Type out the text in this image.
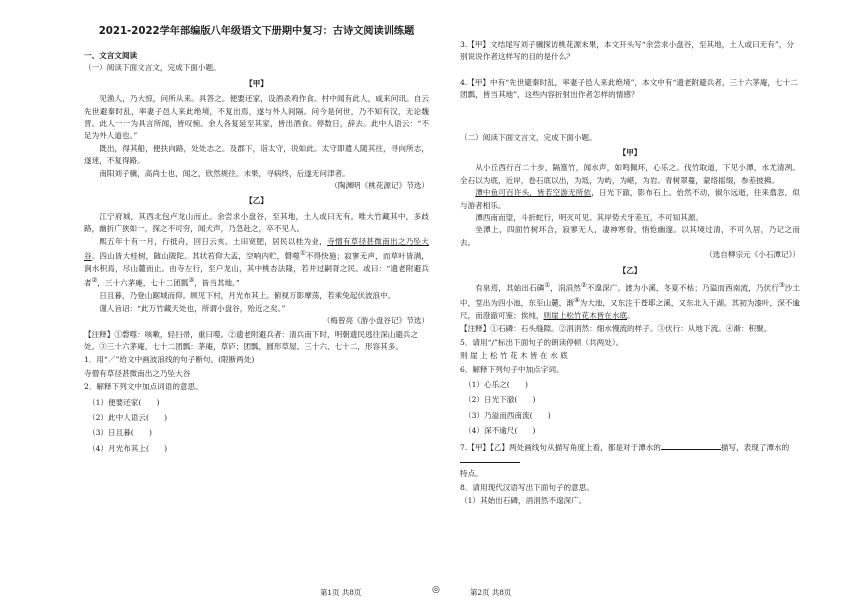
2021-2022学年部编版八年级语文下册期中复习：古诗文阅读训练题
一、文言文阅读
（一）阅读下面文言文，完成下面小题。
【甲】
见渔人，乃大惊，问所从来。具答之。便要还家，设酒杀鸡作食。村中闻有此人，咸来问讯。自云先世避秦时乱，率妻子邑人来此绝境，不复出焉，遂与外人间隔。问今是何世，乃不知有汉，无论魏晋。此人一一为具言所闻，皆叹惋。余人各复延至其家，皆出酒食。停数日，辞去。此中人语云：“不足为外人道也。”
既出，得其船，便扶向路，处处志之。及郡下，诣太守，说如此。太守即遣人随其往，寻向所志，遂迷，不复得路。
南阳刘子骥，高尚士也，闻之，欣然规往。未果，寻病终，后遂无问津者。
（陶渊明《桃花源记》节选）
【乙】
江宁府城，其西北包卢龙山而止。余尝求小盘谷，至其地，土人或曰无有。唯大竹藏其中，多歧路，幽折广狭如一，探之不可穷，闻犬声，乃急赴之，卒不见人。
熙五年十有一月，行抵舟，回日云亥。土田宽肥，居民以桂为业，寺憎有草径甚微南出之乃坠大谷。四山皆大桂树，随山陂陀。其状若仰大盂，空响内贮，磬噬①不得快施；寂寥无声，而草叶皆满，涧水积焉，尽山麓而止。由寺左行，至户龙山，其中桃杏法隆，若井过嗣胥之民。或曰：“遗老附避兵者②，三十六茅庵，七十二团瓢③，皆当其地。”
日且暮，乃登山踞城而仰。顾见下村，月光布其上。俯视万影摩荡，若乘兔起伏波浪中。
谨人旨诏：“此万竹藏天处也，所谓小盘谷，殆近之矣。”
（梅曾亮《游小盘谷记》节选）
【注释】①磬噬：咳嗽，轻扫帚，重曰噬。②遗老附避兵者：清兵南下时，明朝遗民逃往深山避兵之处。③三十六茅庵，七十二团瓢：茅庵，草庐；团瓢，圆形草屋。三十六、七十二，形容其多。
1．用“／”给文中画波浪线的句子断句。(限断两处)
寺僧有草径甚微南出之乃坠大谷
2．解释下列文中加点词语的意思。
（1）便要还家(　　)
（2）此中人语云(　　)
（3）日且暮(　　)
（4）月光布其上(　　)
3.【甲】文结尾写刘子骥探访桃花源未果，本文开头写“余尝求小盘谷，至其地，土人或曰无有”，分别说说作者这样写的目的是什么？
4.【甲】中有“先世避秦时乱，率妻子邑人来此绝境”，本文中有“遗老附避兵者，三十六茅庵，七十二团瓢，皆当其地”，这些内容折射出作者怎样的情感？
（二）阅读下面文言文，完成下面小题。
【甲】
从小丘西行百二十步，隔篁竹，闻水声，如鸣佩环，心乐之。伐竹取道，下见小潭，水尤清冽。全石以为底，近岸，卷石底以出，为坻，为屿，为嵁，为岩。青树翠蔓，蒙络摇缀，参差披拂。
潭中鱼可百许头，皆若空游无所依，日光下澈，影布石上。佁然不动，俶尔远逝，往来翕忽，似与游者相乐。
潭西南而望，斗折蛇行，明灭可见。其岸势犬牙差互，不可知其源。
坐潭上，四面竹树环合，寂寥无人，凄神寒骨，悄怆幽邃。以其境过清，不可久居，乃记之而去。
（选自柳宗元《小石潭记》）
【乙】
有泉焉，其始出石磷①，涓涓然②不遑深广。渡为小溪，冬夏不枯；乃溢而西南流，乃伏行③沙土中，堂出为四小池，东至山麓，渐④为大池，又东注于苍耶之溪，又东北入于湖。其初为漆叶，深不逾尺，而澄澈可鉴；俟纯，则崖上松竹花木皆在水底。
【注释】①石磷：石头缝隙。②涓涓然：细水慢流的样子。③伏行：从地下流。④渐：积聚。
5．请用“/”标出下面句子的朗读停顿（共两处）。
则 崖 上 松 竹 花 木 皆 在 水 底
6．解释下列句子中加点字词。
（1）心乐之(　　)
（2）日光下澈(　　)
（3）乃溢而西南流(　　)
（4）深不逾尺(　　)
7.【甲】【乙】两处画线句从描写角度上看，都是对于潭水的	描写，表现了潭水的
特点。
8．请用现代汉语写出下面句子的意思。
（1）其始出石磷，涓涓然不遑深广。
第1页 共8页	◎	第2页 共8页
